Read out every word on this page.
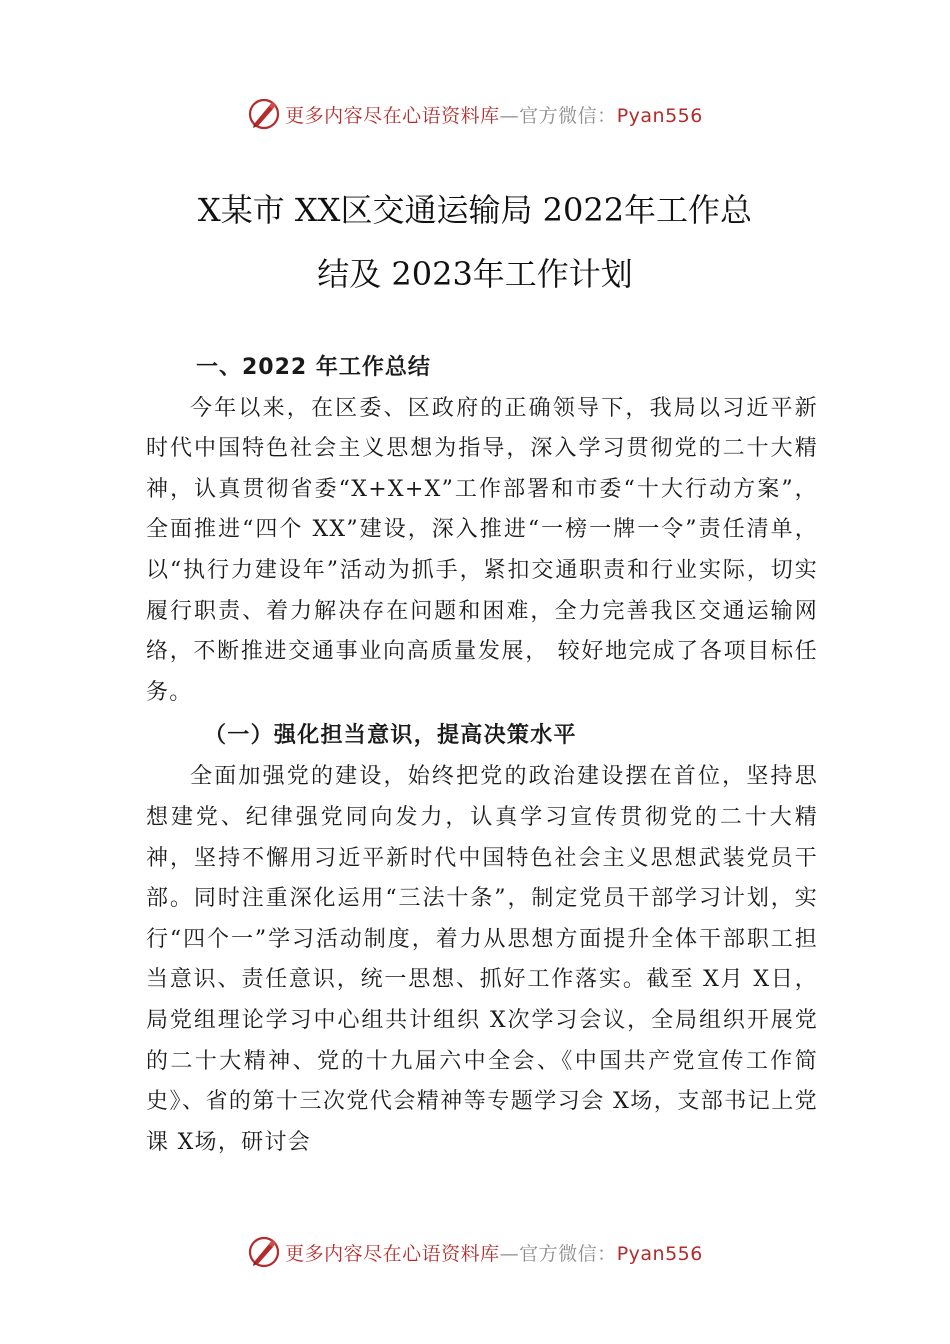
更多内容尽在心语资料库—官方微信：Pyan556
X某市 XX区交通运输局 2022年工作总
结及 2023年工作计划

一、2022 年工作总结

今年以来，在区委、区政府的正确领导下，我局以习近平新时代中国特色社会主义思想为指导，深入学习贯彻党的二十大精神，认真贯彻省委“X+X+X”工作部署和市委“十大行动方案”，全面推进“四个 XX”建设，深入推进“一榜一牌一令”责任清单，以“执行力建设年”活动为抓手，紧扣交通职责和行业实际，切实履行职责、着力解决存在问题和困难，全力完善我区交通运输网络，不断推进交通事业向高质量发展， 较好地完成了各项目标任务。

（一）强化担当意识，提高决策水平

全面加强党的建设，始终把党的政治建设摆在首位，坚持思想建党、纪律强党同向发力，认真学习宣传贯彻党的二十大精神，坚持不懈用习近平新时代中国特色社会主义思想武装党员干部。同时注重深化运用“三法十条”，制定党员干部学习计划，实行“四个一”学习活动制度，着力从思想方面提升全体干部职工担当意识、责任意识，统一思想、抓好工作落实。截至 X月 X日，局党组理论学习中心组共计组织 X次学习会议，全局组织开展党的二十大精神、党的十九届六中全会、《中国共产党宣传工作简史》、省的第十三次党代会精神等专题学习会 X场，支部书记上党课 X场，研讨会

更多内容尽在心语资料库—官方微信：Pyan556
